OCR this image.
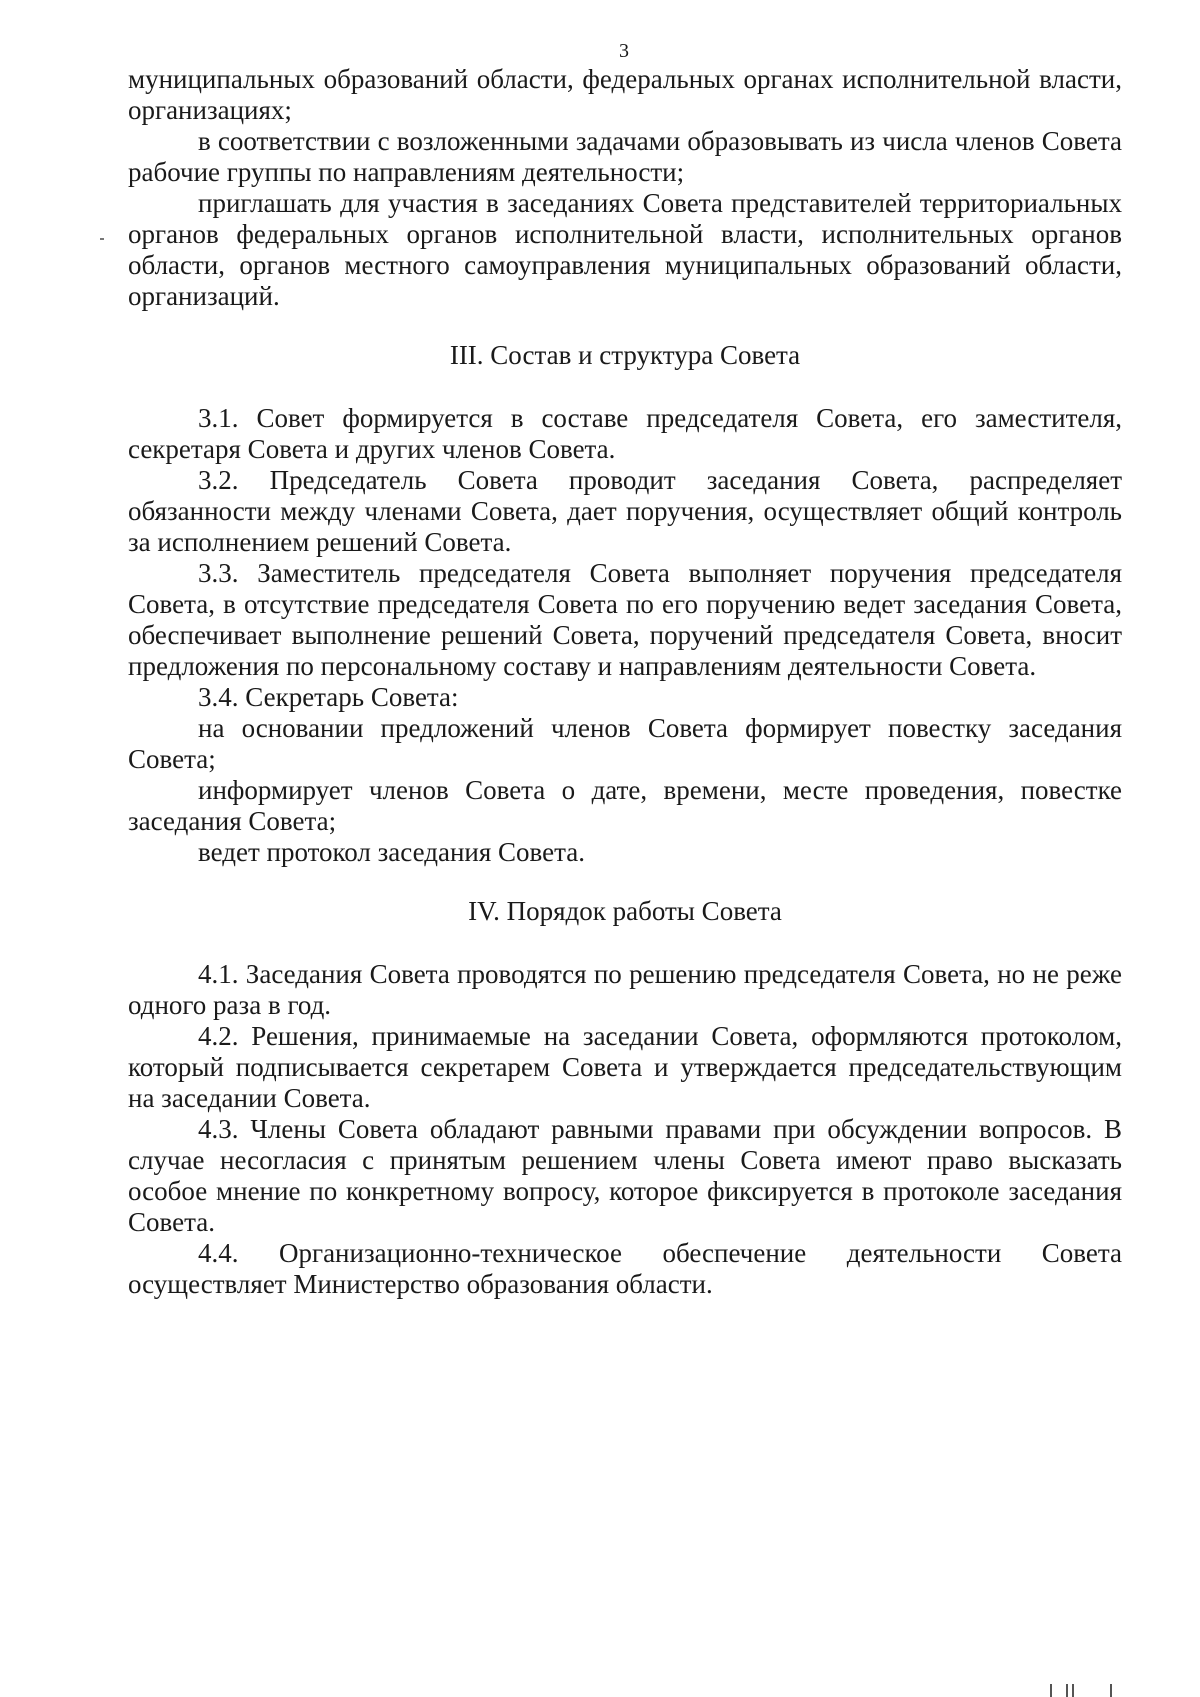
3

муниципальных образований области, федеральных органах исполнительной власти, организациях;

в соответствии с возложенными задачами образовывать из числа членов Совета рабочие группы по направлениям деятельности;

приглашать для участия в заседаниях Совета представителей территориальных органов федеральных органов исполнительной власти, исполнительных органов области, органов местного самоуправления муниципальных образований области, организаций.

III. Состав и структура Совета

3.1. Совет формируется в составе председателя Совета, его заместителя, секретаря Совета и других членов Совета.

3.2. Председатель Совета проводит заседания Совета, распределяет обязанности между членами Совета, дает поручения, осуществляет общий контроль за исполнением решений Совета.

3.3. Заместитель председателя Совета выполняет поручения председателя Совета, в отсутствие председателя Совета по его поручению ведет заседания Совета, обеспечивает выполнение решений Совета, поручений председателя Совета, вносит предложения по персональному составу и направлениям деятельности Совета.

3.4. Секретарь Совета:

на основании предложений членов Совета формирует повестку заседания Совета;

информирует членов Совета о дате, времени, месте проведения, повестке заседания Совета;

ведет протокол заседания Совета.

IV. Порядок работы Совета

4.1. Заседания Совета проводятся по решению председателя Совета, но не реже одного раза в год.

4.2. Решения, принимаемые на заседании Совета, оформляются протоколом, который подписывается секретарем Совета и утверждается председательствующим на заседании Совета.

4.3. Члены Совета обладают равными правами при обсуждении вопросов. В случае несогласия с принятым решением члены Совета имеют право высказать особое мнение по конкретному вопросу, которое фиксируется в протоколе заседания Совета.

4.4. Организационно-техническое обеспечение деятельности Совета осуществляет Министерство образования области.
